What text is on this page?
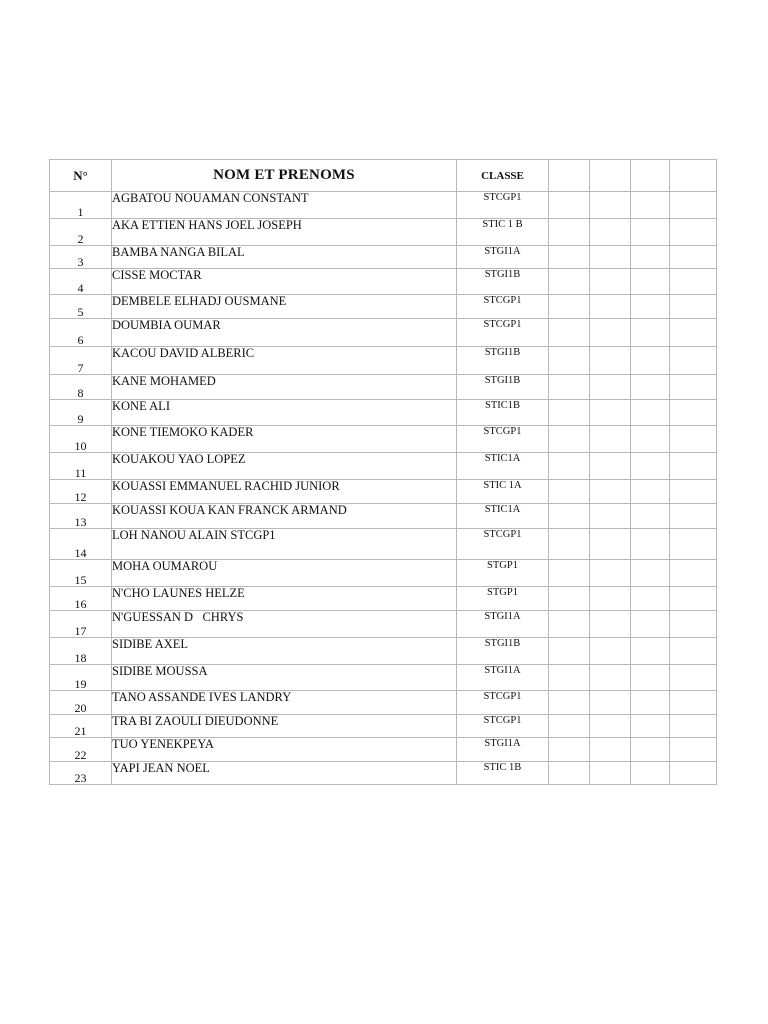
N°	NOM ET PRENOMS	CLASSE				
1	AGBATOU NOUAMAN CONSTANT	STCGP1				
2	AKA ETTIEN HANS JOEL JOSEPH	STIC 1 B				
3	BAMBA NANGA BILAL	STGI1A				
4	CISSE MOCTAR	STGI1B				
5	DEMBELE ELHADJ OUSMANE	STCGP1				
6	DOUMBIA OUMAR	STCGP1				
7	KACOU DAVID ALBERIC	STGI1B				
8	KANE MOHAMED	STGI1B				
9	KONE ALI	STIC1B				
10	KONE TIEMOKO KADER	STCGP1				
11	KOUAKOU YAO LOPEZ	STIC1A				
12	KOUASSI EMMANUEL RACHID JUNIOR	STIC 1A				
13	KOUASSI KOUA KAN FRANCK ARMAND	STIC1A				
14	LOH NANOU ALAIN STCGP1	STCGP1				
15	MOHA OUMAROU	STGP1				
16	N'CHO LAUNES HELZE	STGP1				
17	N'GUESSAN D   CHRYS	STGI1A				
18	SIDIBE AXEL	STGI1B				
19	SIDIBE MOUSSA	STGI1A				
20	TANO ASSANDE IVES LANDRY	STCGP1				
21	TRA BI ZAOULI DIEUDONNE	STCGP1				
22	TUO YENEKPEYA	STGI1A				
23	YAPI JEAN NOEL	STIC 1B				
